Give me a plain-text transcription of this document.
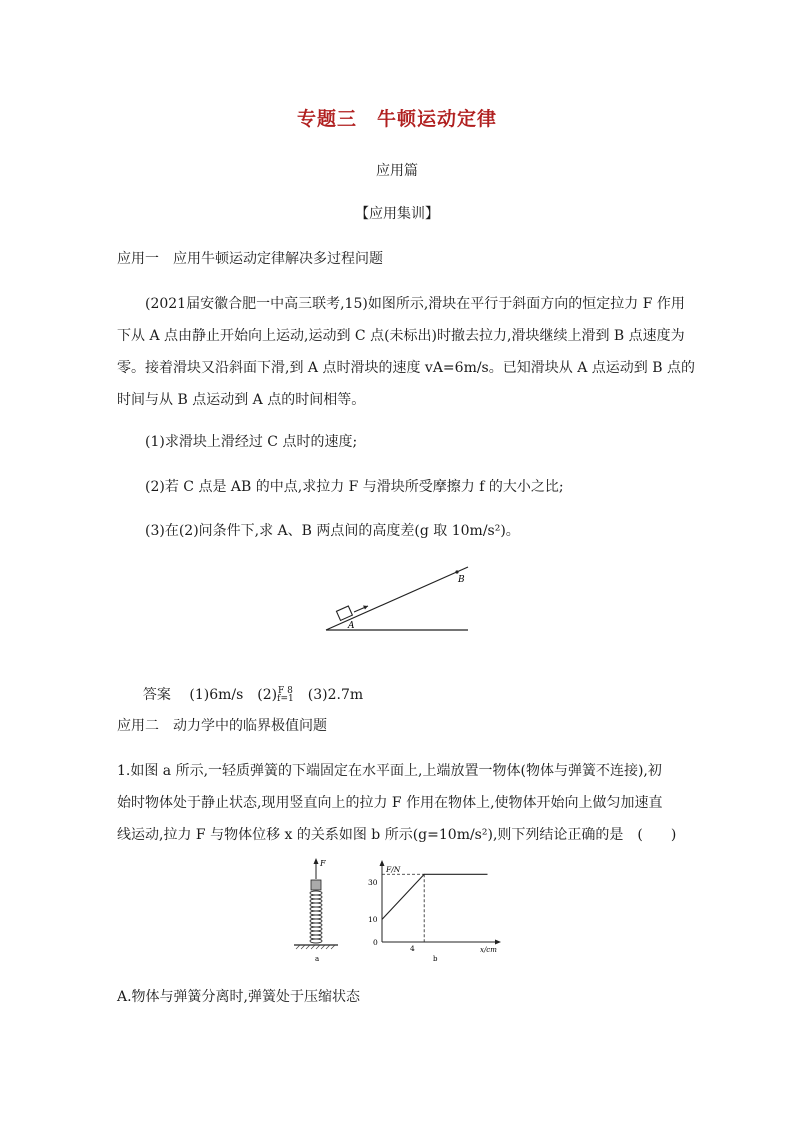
专题三　牛顿运动定律
应用篇
【应用集训】
应用一　应用牛顿运动定律解决多过程问题
(2021届安徽合肥一中高三联考,15)如图所示,滑块在平行于斜面方向的恒定拉力 F 作用
下从 A 点由静止开始向上运动,运动到 C 点(未标出)时撤去拉力,滑块继续上滑到 B 点速度为
零。接着滑块又沿斜面下滑,到 A 点时滑块的速度 vA=6m/s。已知滑块从 A 点运动到 B 点的
时间与从 B 点运动到 A 点的时间相等。
(1)求滑块上滑经过 C 点时的速度;
(2)若 C 点是 AB 的中点,求拉力 F 与滑块所受摩擦力 f 的大小之比;
(3)在(2)问条件下,求 A、B 两点间的高度差(g 取 10m/s²)。
A
B

答案　 (1)6m/s　 (2) F 8
f=1
　 (3)2.7m

应用二　动力学中的临界极值问题
1.如图 a 所示,一轻质弹簧的下端固定在水平面上,上端放置一物体(物体与弹簧不连接),初
始时物体处于静止状态,现用竖直向上的拉力 F 作用在物体上,使物体开始向上做匀加速直
线运动,拉力 F 与物体位移 x 的关系如图 b 所示(g=10m/s²),则下列结论正确的是　(　　)
F
a
F/N
x/cm
30
10
0
4
b
A.物体与弹簧分离时,弹簧处于压缩状态
